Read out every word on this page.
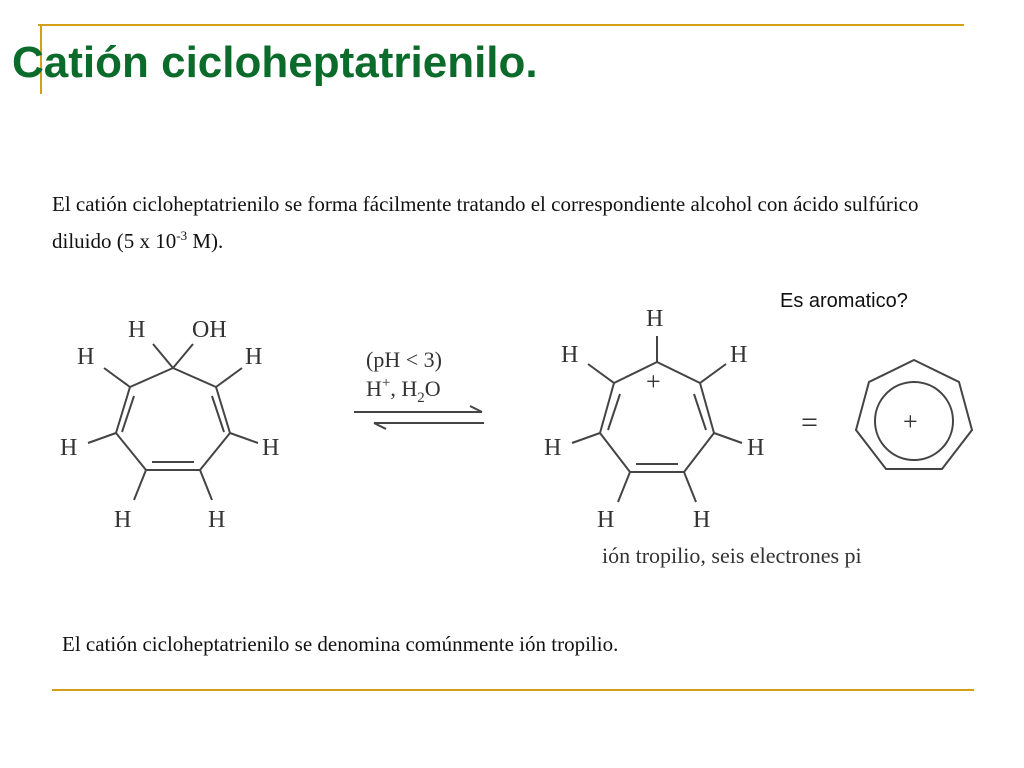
Catión cicloheptatrienilo.
El catión cicloheptatrienilo se forma fácilmente tratando el correspondiente alcohol con ácido sulfúrico diluido (5 x $10^{-3}$ M).
Es aromatico?
H OH
H	H
H	H
H	H
(pH < 3)
H+, $H_2O$
H
+
H	H
H	H
H	H
=	+
ión tropilio, seis electrones pi
El catión cicloheptatrienilo se denomina comúnmente ión tropilio.
